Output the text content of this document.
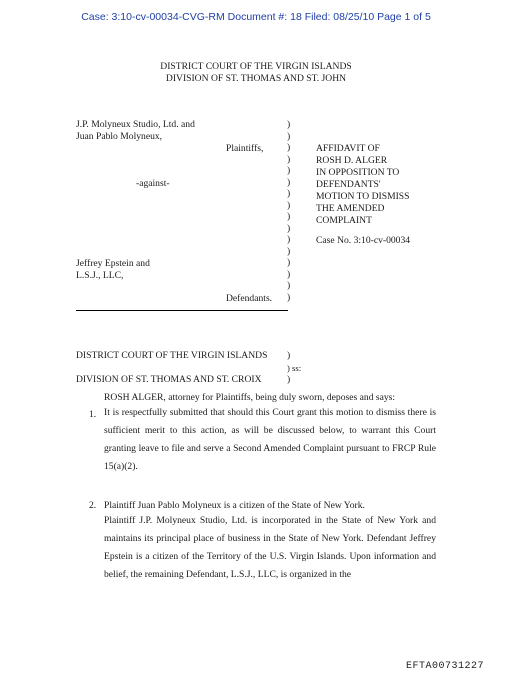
Case: 3:10-cv-00034-CVG-RM Document #: 18 Filed: 08/25/10 Page 1 of 5
DISTRICT COURT OF THE VIRGIN ISLANDS
DIVISION OF ST. THOMAS AND ST. JOHN
J.P. Molyneux Studio, Ltd. and
Juan Pablo Molyneux,
Plaintiffs,
-against-
Jeffrey Epstein and
L.S.J., LLC,
Defendants.
)
)
)
)
)
)
)
)
)
)
)
)
)
)
)
)
AFFIDAVIT OF
ROSH D. ALGER
IN OPPOSITION TO
DEFENDANTS'
MOTION TO DISMISS
THE AMENDED
COMPLAINT
Case No. 3:10-cv-00034
DISTRICT COURT OF THE VIRGIN ISLANDS )
) ss:
DIVISION OF ST. THOMAS AND ST. CROIX	)
ROSH ALGER, attorney for Plaintiffs, being duly sworn, deposes and says:
1. It is respectfully submitted that should this Court grant this motion to dismiss there is sufficient merit to this action, as will be discussed below, to warrant this Court granting leave to file and serve a Second Amended Complaint pursuant to FRCP Rule 15(a)(2).
2. Plaintiff Juan Pablo Molyneux is a citizen of the State of New York.
Plaintiff J.P. Molyneux Studio, Ltd. is incorporated in the State of New York and maintains its principal place of business in the State of New York. Defendant Jeffrey Epstein is a citizen of the Territory of the U.S. Virgin Islands. Upon information and belief, the remaining Defendant, L.S.J., LLC, is organized in the
EFTA00731227
